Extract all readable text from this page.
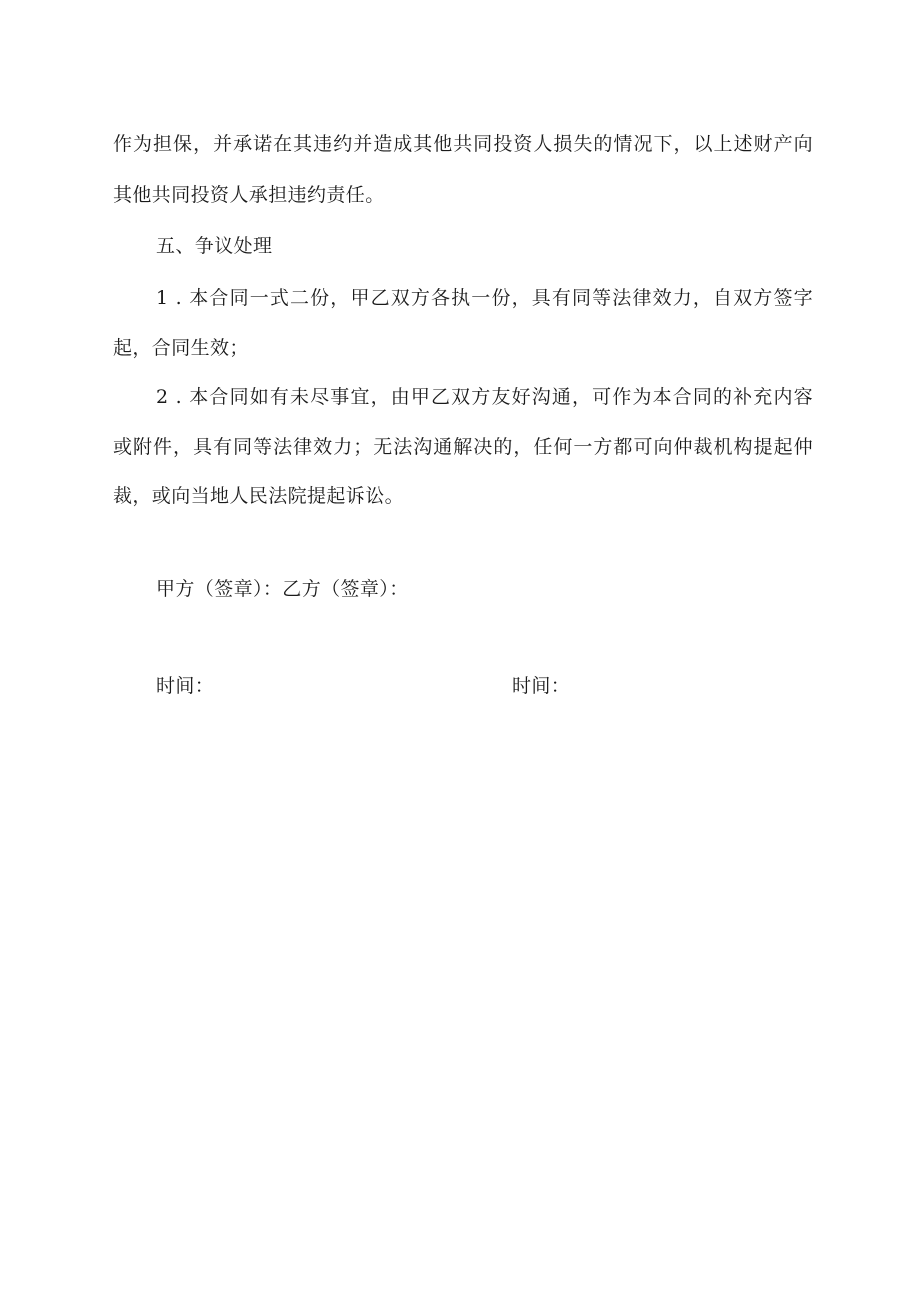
作为担保，并承诺在其违约并造成其他共同投资人损失的情况下，以上述财产向
其他共同投资人承担违约责任。
五、争议处理
1 . 本合同一式二份，甲乙双方各执一份，具有同等法律效力，自双方签字
起，合同生效；
2 . 本合同如有未尽事宜，由甲乙双方友好沟通，可作为本合同的补充内容
或附件，具有同等法律效力；无法沟通解决的，任何一方都可向仲裁机构提起仲
裁，或向当地人民法院提起诉讼。
甲方（签章）：乙方（签章）：
时间：	时间：
